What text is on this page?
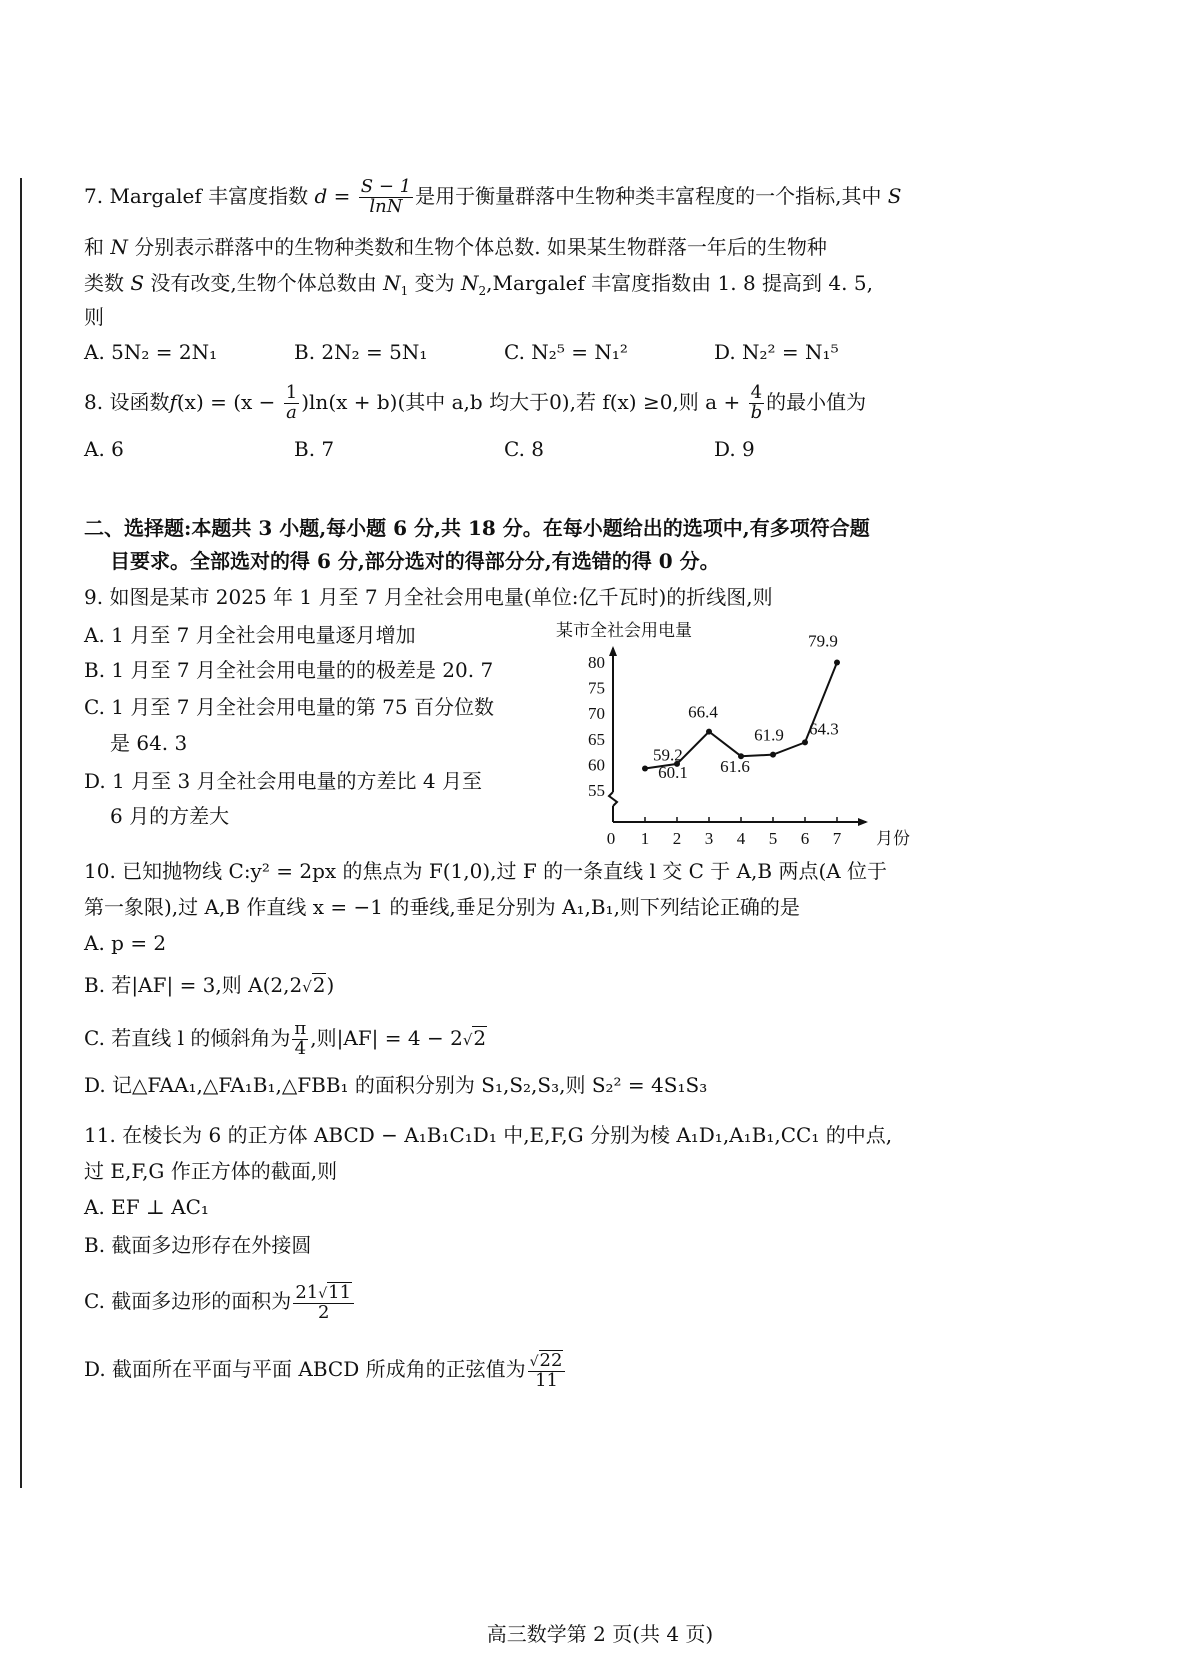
7. Margalef 丰富度指数 $d = \frac{S - 1}{\ln N}$ 是用于衡量群落中生物种类丰富程度的一个指标,其中 S
和 N 分别表示群落中的生物种类数和生物个体总数. 如果某生物群落一年后的生物种
类数 S 没有改变,生物个体总数由 $N_1$ 变为 $N_2,Margalef$ 丰富度指数由 1. 8 提高到 4. 5,
则
A. 5N₂ = 2N₁	B. 2N₂ = 5N₁	C. N₂⁵ = N₁²	D. N₂² = N₁⁵
8. 设函数$f(x) = (x - \frac{1}{a} )\ln(x + b)$(其中 a,b 均大于0),若 f(x) ≥0,则 $a + \frac{4}{b}$ 的最小值为
A. 6	B. 7	C. 8	D. 9
二、选择题:本题共 3 小题,每小题 6 分,共 18 分。在每小题给出的选项中,有多项符合题
目要求。全部选对的得 6 分,部分选对的得部分分,有选错的得 0 分。
9. 如图是某市 2025 年 1 月至 7 月全社会用电量(单位:亿千瓦时)的折线图,则
A. 1 月至 7 月全社会用电量逐月增加
B. 1 月至 7 月全社会用电量的的极差是 20. 7
C. 1 月至 7 月全社会用电量的第 75 百分位数
是 64. 3
D. 1 月至 3 月全社会用电量的方差比 4 月至
6 月的方差大
10. 已知抛物线 C:y² = 2px 的焦点为 F(1,0),过 F 的一条直线 l 交 C 于 A,B 两点(A 位于
第一象限),过 A,B 作直线 x = −1 的垂线,垂足分别为 A₁,B₁,则下列结论正确的是
A. p = 2
B. 若|AF| = 3,则 A(2,2√2)
C. 若直线 l 的倾斜角为 $\frac{\pi}{4}$ ,则|AF| = 4 − 2√2
D. 记△FAA₁,△FA₁B₁,△FBB₁ 的面积分别为 S₁,S₂,S₃,则 S₂² = 4S₁S₃
11. 在棱长为 6 的正方体 ABCD − A₁B₁C₁D₁ 中,E,F,G 分别为棱 A₁D₁,A₁B₁,CC₁ 的中点,
过 E,F,G 作正方体的截面,则
A. EF ⊥ AC₁
B. 截面多边形存在外接圆
C. 截面多边形的面积为 $\frac{21√11}{2}$
D. 截面所在平面与平面 ABCD 所成角的正弦值为 $\frac{√22}{11}$
某市全社会用电量
55
60
65
70
75
80
0 1 2 3 4 5 6 7
59.2
60.1
66.4
61.6
61.9 64.3
79.9
月份
高三数学第 2 页(共 4 页)
